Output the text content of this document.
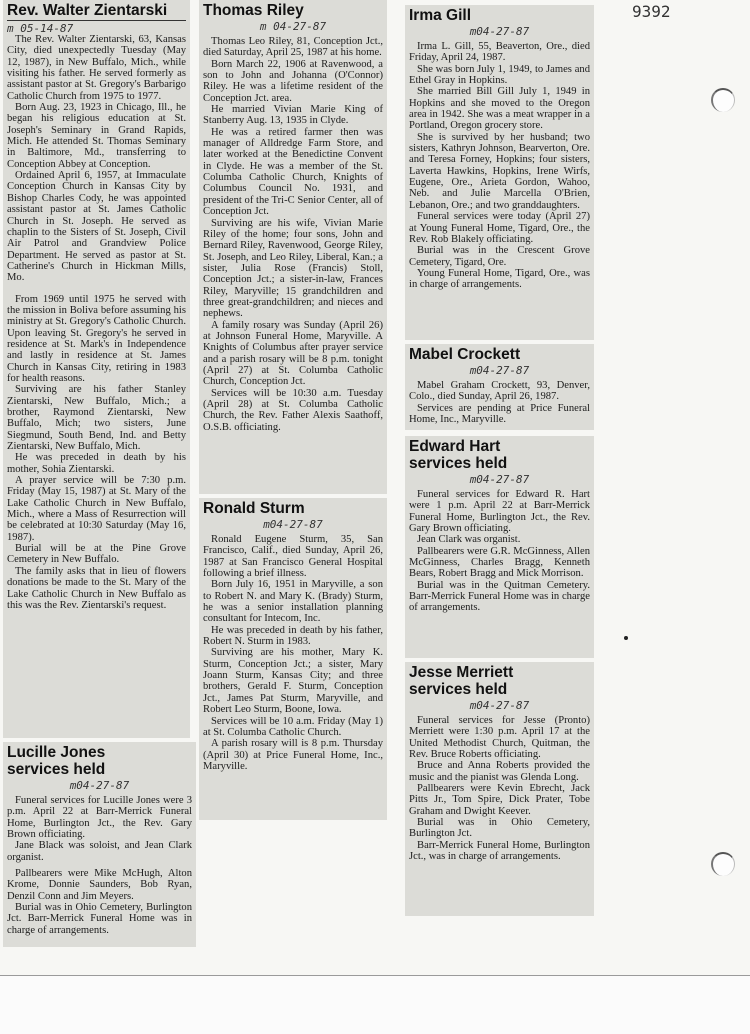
9392
Rev. Walter Zientarski
m 05-14-87

The Rev. Walter Zientarski, 63, Kansas City, died unexpectedly Tuesday (May 12, 1987), in New Buffalo, Mich., while visiting his father. He served formerly as assistant pastor at St. Gregory's Barbarigo Catholic Church from 1975 to 1977.

Born Aug. 23, 1923 in Chicago, Ill., he began his religious education at St. Joseph's Seminary in Grand Rapids, Mich. He attended St. Thomas Seminary in Baltimore, Md., transferring to Conception Abbey at Conception.

Ordained April 6, 1957, at Immaculate Conception Church in Kansas City by Bishop Charles Cody, he was appointed assistant pastor at St. James Catholic Church in St. Joseph. He served as chaplin to the Sisters of St. Joseph, Civil Air Patrol and Grandview Police Department. He served as pastor at St. Catherine's Church in Hickman Mills, Mo.

From 1969 until 1975 he served with the mission in Boliva before assuming his ministry at St. Gregory's Catholic Church. Upon leaving St. Gregory's he served in residence at St. Mark's in Independence and lastly in residence at St. James Church in Kansas City, retiring in 1983 for health reasons.

Surviving are his father Stanley Zientarski, New Buffalo, Mich.; a brother, Raymond Zientarski, New Buffalo, Mich; two sisters, June Siegmund, South Bend, Ind. and Betty Zientarski, New Buffalo, Mich.

He was preceded in death by his mother, Sohia Zientarski.

A prayer service will be 7:30 p.m. Friday (May 15, 1987) at St. Mary of the Lake Catholic Church in New Buffalo, Mich., where a Mass of Resurrection will be celebrated at 10:30 Saturday (May 16, 1987).

Burial will be at the Pine Grove Cemetery in New Buffalo.

The family asks that in lieu of flowers donations be made to the St. Mary of the Lake Catholic Church in New Buffalo as this was the Rev. Zientarski's request.

Lucille Jones
services held
m04-27-87

Funeral services for Lucille Jones were 3 p.m. April 22 at Barr-Merrick Funeral Home, Burlington Jct., the Rev. Gary Brown officiating.

Jane Black was soloist, and Jean Clark organist.

Pallbearers were Mike McHugh, Alton Krome, Donnie Saunders, Bob Ryan, Denzil Conn and Jim Meyers.

Burial was in Ohio Cemetery, Burlington Jct. Barr-Merrick Funeral Home was in charge of arrangements.

Thomas Riley
m 04-27-87

Thomas Leo Riley, 81, Conception Jct., died Saturday, April 25, 1987 at his home.

Born March 22, 1906 at Ravenwood, a son to John and Johanna (O'Connor) Riley. He was a lifetime resident of the Conception Jct. area.

He married Vivian Marie King of Stanberry Aug. 13, 1935 in Clyde.

He was a retired farmer then was manager of Alldredge Farm Store, and later worked at the Benedictine Convent in Clyde. He was a member of the St. Columba Catholic Church, Knights of Columbus Council No. 1931, and president of the Tri-C Senior Center, all of Conception Jct.

Surviving are his wife, Vivian Marie Riley of the home; four sons, John and Bernard Riley, Ravenwood, George Riley, St. Joseph, and Leo Riley, Liberal, Kan.; a sister, Julia Rose (Francis) Stoll, Conception Jct.; a sister-in-law, Frances Riley, Maryville; 15 grandchildren and three great-grandchildren; and nieces and nephews.

A family rosary was Sunday (April 26) at Johnson Funeral Home, Maryville. A Knights of Columbus after prayer service and a parish rosary will be 8 p.m. tonight (April 27) at St. Columba Catholic Church, Conception Jct.

Services will be 10:30 a.m. Tuesday (April 28) at St. Columba Catholic Church, the Rev. Father Alexis Saathoff, O.S.B. officiating.

Ronald Sturm
m04-27-87

Ronald Eugene Sturm, 35, San Francisco, Calif., died Sunday, April 26, 1987 at San Francisco General Hospital following a brief illness.

Born July 16, 1951 in Maryville, a son to Robert N. and Mary K. (Brady) Sturm, he was a senior installation planning consultant for Intecom, Inc.

He was preceded in death by his father, Robert N. Sturm in 1983.

Surviving are his mother, Mary K. Sturm, Conception Jct.; a sister, Mary Joann Sturm, Kansas City; and three brothers, Gerald F. Sturm, Conception Jct., James Pat Sturm, Maryville, and Robert Leo Sturm, Boone, Iowa.

Services will be 10 a.m. Friday (May 1) at St. Columba Catholic Church.

A parish rosary will is 8 p.m. Thursday (April 30) at Price Funeral Home, Inc., Maryville.

Irma Gill
m04-27-87

Irma L. Gill, 55, Beaverton, Ore., died Friday, April 24, 1987.

She was born July 1, 1949, to James and Ethel Gray in Hopkins.

She married Bill Gill July 1, 1949 in Hopkins and she moved to the Oregon area in 1942. She was a meat wrapper in a Portland, Oregon grocery store.

She is survived by her husband; two sisters, Kathryn Johnson, Bearverton, Ore. and Teresa Forney, Hopkins; four sisters, Laverta Hawkins, Hopkins, Irene Wirfs, Eugene, Ore., Arieta Gordon, Wahoo, Neb. and Julie Marcella O'Brien, Lebanon, Ore.; and two granddaughters.

Funeral services were today (April 27) at Young Funeral Home, Tigard, Ore., the Rev. Rob Blakely officiating.

Burial was in the Crescent Grove Cemetery, Tigard, Ore.

Young Funeral Home, Tigard, Ore., was in charge of arrangements.

Mabel Crockett
m04-27-87

Mabel Graham Crockett, 93, Denver, Colo., died Sunday, April 26, 1987.

Services are pending at Price Funeral Home, Inc., Maryville.

Edward Hart
services held
m04-27-87

Funeral services for Edward R. Hart were 1 p.m. April 22 at Barr-Merrick Funeral Home, Burlington Jct., the Rev. Gary Brown officiating.

Jean Clark was organist.

Pallbearers were G.R. McGinness, Allen McGinness, Charles Bragg, Kenneth Bears, Robert Bragg and Mick Morrison.

Burial was in the Quitman Cemetery. Barr-Merrick Funeral Home was in charge of arrangements.

Jesse Merriett
services held
m04-27-87

Funeral services for Jesse (Pronto) Merriett were 1:30 p.m. April 17 at the United Methodist Church, Quitman, the Rev. Bruce Roberts officiating.

Bruce and Anna Roberts provided the music and the pianist was Glenda Long.

Pallbearers were Kevin Ebrecht, Jack Pitts Jr., Tom Spire, Dick Prater, Tobe Graham and Dwight Keever.

Burial was in Ohio Cemetery, Burlington Jct.

Barr-Merrick Funeral Home, Burlington Jct., was in charge of arrangements.
